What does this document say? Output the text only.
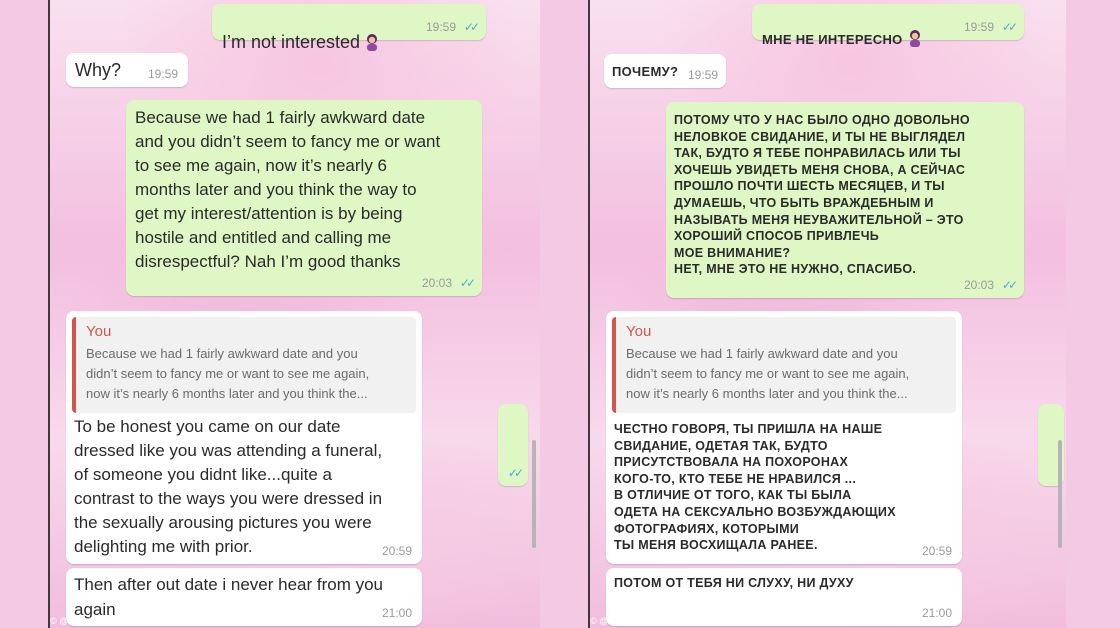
I’m not interested

19:59 ✓✓
Why? 19:59
Because we had 1 fairly awkward date
and you didn’t seem to fancy me or want
to see me again, now it’s nearly 6
months later and you think the way to
get my interest/attention is by being
hostile and entitled and calling me
disrespectful? Nah I’m good thanks
20:03 ✓✓
You
Because we had 1 fairly awkward date and you
didn’t seem to fancy me or want to see me again,
now it’s nearly 6 months later and you think the...
To be honest you came on our date
dressed like you was attending a funeral,
of someone you didnt like...quite a
contrast to the ways you were dressed in
the sexually arousing pictures you were
delighting me with prior.	20:59
Then after out date i never hear from you
again	21:00
✓✓
© @Amy Bottrill

МНЕ НЕ ИНТЕРЕСНО

19:59 ✓✓
ПОЧЕМУ? 19:59
ПОТОМУ ЧТО У НАС БЫЛО ОДНО ДОВОЛЬНО
НЕЛОВКОЕ СВИДАНИЕ, И ТЫ НЕ ВЫГЛЯДЕЛ
ТАК, БУДТО Я ТЕБЕ ПОНРАВИЛАСЬ ИЛИ ТЫ
ХОЧЕШЬ УВИДЕТЬ МЕНЯ СНОВА, А СЕЙЧАС
ПРОШЛО ПОЧТИ ШЕСТЬ МЕСЯЦЕВ, И ТЫ
ДУМАЕШЬ, ЧТО БЫТЬ ВРАЖДЕБНЫМ И
НАЗЫВАТЬ МЕНЯ НЕУВАЖИТЕЛЬНОЙ – ЭТО
ХОРОШИЙ СПОСОБ ПРИВЛЕЧЬ
МОЕ ВНИМАНИЕ?
НЕТ, МНЕ ЭТО НЕ НУЖНО, СПАСИБО.
20:03 ✓✓
You
Because we had 1 fairly awkward date and you
didn’t seem to fancy me or want to see me again,
now it’s nearly 6 months later and you think the...
ЧЕСТНО ГОВОРЯ, ТЫ ПРИШЛА НА НАШЕ
СВИДАНИЕ, ОДЕТАЯ ТАК, БУДТО
ПРИСУТСТВОВАЛА НА ПОХОРОНАХ
КОГО-ТО, КТО ТЕБЕ НЕ НРАВИЛСЯ ...
В ОТЛИЧИЕ ОТ ТОГО, КАК ТЫ БЫЛА
ОДЕТА НА СЕКСУАЛЬНО ВОЗБУЖДАЮЩИХ
ФОТОГРАФИЯХ, КОТОРЫМИ
ТЫ МЕНЯ ВОСХИЩАЛА РАНЕЕ.	20:59
ПОТОМ ОТ ТЕБЯ НИ СЛУХУ, НИ ДУХУ
21:00
© @Amy Bottrill
